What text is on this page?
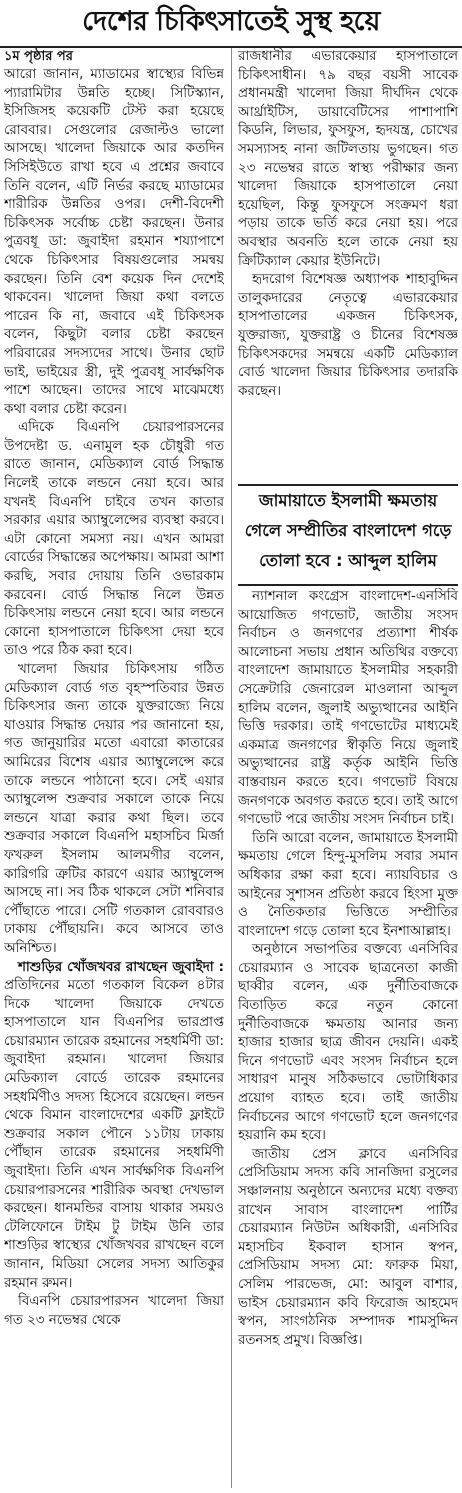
দেশের চিকিৎসাতেই সুস্থ হয়ে
১ম পৃষ্ঠার পর

আরো জানান, ম্যাডামের স্বাস্থ্যের বিভিন্ন প্যারামিটার উন্নতি হচ্ছে। সিটিস্ক্যান, ইসিজিসহ কয়েকটি টেস্ট করা হয়েছে রোববার। সেগুলোর রেজাল্টও ভালো আসছে। খালেদা জিয়াকে আর কতদিন সিসিইউতে রাখা হবে এ প্রশ্নের জবাবে তিনি বলেন, এটি নির্ভর করছে ম্যাডামের শারীরিক উন্নতির ওপর। দেশী-বিদেশী চিকিৎসক সর্বোচ্চ চেষ্টা করছেন। উনার পুত্রবধূ ডা: জুবাইদা রহমান শয্যাপাশে থেকে চিকিৎসার বিষয়গুলোর সমন্বয় করছেন। তিনি বেশ কয়েক দিন দেশেই থাকবেন। খালেদা জিয়া কথা বলতে পারেন কি না, জবাবে এই চিকিৎসক বলেন, কিছুটা বলার চেষ্টা করছেন পরিবারের সদস্যদের সাথে। উনার ছোট ভাই, ভাইয়ের স্ত্রী, দুই পুত্রবধূ সার্বক্ষণিক পাশে আছেন। তাদের সাথে মাঝেমধ্যে কথা বলার চেষ্টা করেন।

এদিকে বিএনপি চেয়ারপারসনের উপদেষ্টা ড. এনামুল হক চৌধুরী গত রাতে জানান, মেডিক্যাল বোর্ড সিদ্ধান্ত নিলেই তাকে লন্ডনে নেয়া হবে। আর যখনই বিএনপি চাইবে তখন কাতার সরকার এয়ার অ্যাম্বুলেন্সের ব্যবস্থা করবে। এটা কোনো সমস্যা নয়। এখন আমরা বোর্ডের সিদ্ধান্তের অপেক্ষায়। আমরা আশা করছি, সবার দোয়ায় তিনি ওভারকাম করবেন। বোর্ড সিদ্ধান্ত নিলে উন্নত চিকিৎসায় লন্ডনে নেয়া হবে। আর লন্ডনে কোনো হাসপাতালে চিকিৎসা দেয়া হবে তাও পরে ঠিক করা হবে।

খালেদা জিয়ার চিকিৎসায় গঠিত মেডিক্যাল বোর্ড গত বৃহস্পতিবার উন্নত চিকিৎসার জন্য তাকে যুক্তরাজ্যে নিয়ে যাওয়ার সিদ্ধান্ত দেয়ার পর জানানো হয়, গত জানুয়ারির মতো এবারো কাতারের আমিরের বিশেষ এয়ার অ্যাম্বুলেন্সে করে তাকে লন্ডনে পাঠানো হবে। সেই এয়ার অ্যাম্বুলেন্স শুক্রবার সকালে তাকে নিয়ে লন্ডনে যাত্রা করার কথা ছিল। তবে শুক্রবার সকালে বিএনপি মহাসচিব মির্জা ফখরুল ইসলাম আলমগীর বলেন, কারিগরি ত্রুটির কারণে এয়ার অ্যাম্বুলেন্স আসছে না। সব ঠিক থাকলে সেটা শনিবার পৌঁছাতে পারে। সেটি গতকাল রোববারও ঢাকায় পৌঁছায়নি। কবে আসবে তাও অনিশ্চিত।

শাশুড়ির খোঁজখবর রাখছেন জুবাইদা : প্রতিদিনের মতো গতকাল বিকেল ৪টার দিকে খালেদা জিয়াকে দেখতে হাসপাতালে যান বিএনপির ভারপ্রাপ্ত চেয়ারম্যান তারেক রহমানের সহধর্মিণী ডা: জুবাইদা রহমান। খালেদা জিয়ার মেডিক্যাল বোর্ডে তারেক রহমানের সহধর্মিণীও সদস্য হিসেবে রয়েছেন। লন্ডন থেকে বিমান বাংলাদেশের একটি ফ্লাইটে শুক্রবার সকাল পৌনে ১১টায় ঢাকায় পৌঁছান তারেক রহমানের সহধর্মিণী জুবাইদা। তিনি এখন সার্বক্ষণিক বিএনপি চেয়ারপারসনের শারীরিক অবস্থা দেখভাল করছেন। ধানমন্ডির বাসায় থাকার সময়ও টেলিফোনে টাইম টু টাইম উনি তার শাশুড়ির স্বাস্থ্যের খোঁজখবর রাখছেন বলে জানান, মিডিয়া সেলের সদস্য আতিকুর রহমান রুমন।

বিএনপি চেয়ারপারসন খালেদা জিয়া গত ২৩ নভেম্বর থেকে

রাজধানীর এভারকেয়ার হাসপাতালে চিকিৎসাধীন। ৭৯ বছর বয়সী সাবেক প্রধানমন্ত্রী খালেদা জিয়া দীর্ঘদিন থেকে আর্থ্রাইটিস, ডায়াবেটিসের পাশাপাশি কিডনি, লিভার, ফুসফুস, হৃদযন্ত্র, চোখের সমস্যাসহ নানা জটিলতায় ভুগছেন। গত ২৩ নভেম্বর রাতে স্বাস্থ্য পরীক্ষার জন্য খালেদা জিয়াকে হাসপাতালে নেয়া হয়েছিল, কিন্তু ফুসফুসে সংক্রমণ ধরা পড়ায় তাকে ভর্তি করে নেয়া হয়। পরে অবস্থার অবনতি হলে তাকে নেয়া হয় ক্রিটিক্যাল কেয়ার ইউনিটে।

হৃদরোগ বিশেষজ্ঞ অধ্যাপক শাহাবুদ্দিন তালুকদারের নেতৃত্বে এভারকেয়ার হাসপাতালের একজন চিকিৎসক, যুক্তরাজ্য, যুক্তরাষ্ট্র ও চীনের বিশেষজ্ঞ চিকিৎসকদের সমন্বয়ে একটি মেডিক্যাল বোর্ড খালেদা জিয়ার চিকিৎসার তদারকি করছেন।

জামায়াতে ইসলামী ক্ষমতায়
গেলে সম্প্রীতির বাংলাদেশ গড়ে
তোলা হবে : আব্দুল হালিম

ন্যাশনাল কংগ্রেস বাংলাদেশ-এনসিবি আয়োজিত গণভোট, জাতীয় সংসদ নির্বাচন ও জনগণের প্রত্যাশা শীর্ষক আলোচনা সভায় প্রধান অতিথির বক্তব্যে বাংলাদেশ জামায়াতে ইসলামীর সহকারী সেক্রেটারি জেনারেল মাওলানা আব্দুল হালিম বলেন, জুলাই অভ্যুত্থানের আইনি ভিত্তি দরকার। তাই গণভোটের মাধ্যমেই একমাত্র জনগণের স্বীকৃতি নিয়ে জুলাই অভ্যুত্থানের রাষ্ট্র কর্তৃক আইনি ভিত্তি বাস্তবায়ন করতে হবে। গণভোট বিষয়ে জনগণকে অবগত করতে হবে। তাই আগে গণভোট পরে জাতীয় সংসদ নির্বাচন চাই।

তিনি আরো বলেন, জামায়াতে ইসলামী ক্ষমতায় গেলে হিন্দু-মুসলিম সবার সমান অধিকার রক্ষা করা হবে। ন্যায়বিচার ও আইনের সুশাসন প্রতিষ্ঠা করবে হিংসা মুক্ত ও নৈতিকতার ভিত্তিতে সম্প্রীতির বাংলাদেশ গড়ে তোলা হবে ইনশাআল্লাহ।

অনুষ্ঠানে সভাপতির বক্তব্যে এনসিবির চেয়ারম্যান ও সাবেক ছাত্রনেতা কাজী ছাব্বীর বলেন, এক দুর্নীতিবাজকে বিতাড়িত করে নতুন কোনো দুর্নীতিবাজকে ক্ষমতায় আনার জন্য হাজার হাজার ছাত্র জীবন দেয়নি। একই দিনে গণভোট এবং সংসদ নির্বাচন হলে সাধারণ মানুষ সঠিকভাবে ভোটাধিকার প্রয়োগ ব্যাহত হবে। তাই জাতীয় নির্বাচনের আগে গণভোট হলে জনগণের হয়রানি কম হবে।

জাতীয় প্রেস ক্লাবে এনসিবির প্রেসিডিয়াম সদস্য কবি সানজিদা রসুলের সঞ্চালনায় অনুষ্ঠানে অন্যদের মধ্যে বক্তব্য রাখেন সাবাস বাংলাদেশ পার্টির চেয়ারম্যান নিউটন অধিকারী, এনসিবির মহাসচিব ইকবাল হাসান স্বপন, প্রেসিডিয়াম সদস্য মো: ফারুক মিয়া, সেলিম পারভেজ, মো: আবুল বাশার, ভাইস চেয়ারম্যান কবি ফিরোজ আহমেদ স্বপন, সাংগঠনিক সম্পাদক শামসুদ্দিন রতনসহ প্রমুখ। বিজ্ঞপ্তি।
